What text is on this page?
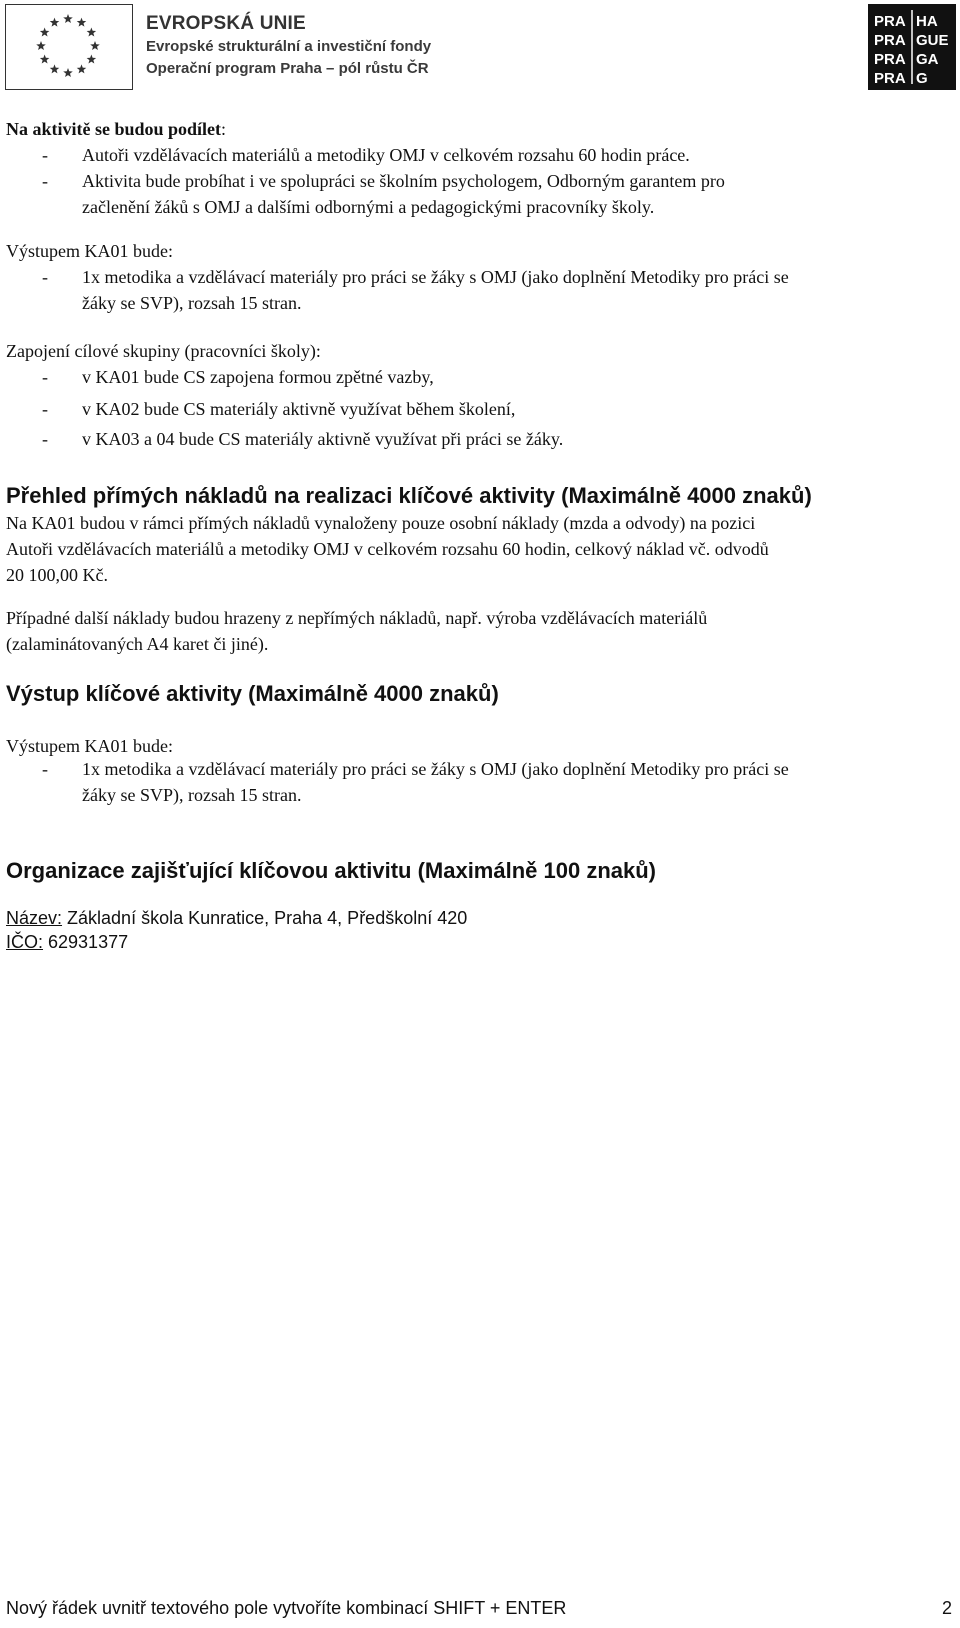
EVROPSKÁ UNIE
Evropské strukturální a investiční fondy
Operační program Praha – pól růstu ČR
PRA HA
PRA GUE
PRA GA
PRA G
Na aktivitě se budou podílet:
- Autoři vzdělávacích materiálů a metodiky OMJ v celkovém rozsahu 60 hodin práce.
- Aktivita bude probíhat i ve spolupráci se školním psychologem, Odborným garantem pro
začlenění žáků s OMJ a dalšími odbornými a pedagogickými pracovníky školy.
Výstupem KA01 bude:
- 1x metodika a vzdělávací materiály pro práci se žáky s OMJ (jako doplnění Metodiky pro práci se
žáky se SVP), rozsah 15 stran.
Zapojení cílové skupiny (pracovníci školy):
- v KA01 bude CS zapojena formou zpětné vazby,
- v KA02 bude CS materiály aktivně využívat během školení,
- v KA03 a 04 bude CS materiály aktivně využívat při práci se žáky.
Přehled přímých nákladů na realizaci klíčové aktivity (Maximálně 4000 znaků)
Na KA01 budou v rámci přímých nákladů vynaloženy pouze osobní náklady (mzda a odvody) na pozici
Autoři vzdělávacích materiálů a metodiky OMJ v celkovém rozsahu 60 hodin, celkový náklad vč. odvodů
20 100,00 Kč.
Případné další náklady budou hrazeny z nepřímých nákladů, např. výroba vzdělávacích materiálů
(zalaminátovaných A4 karet či jiné).
Výstup klíčové aktivity (Maximálně 4000 znaků)
Výstupem KA01 bude:
- 1x metodika a vzdělávací materiály pro práci se žáky s OMJ (jako doplnění Metodiky pro práci se
žáky se SVP), rozsah 15 stran.
Organizace zajišťující klíčovou aktivitu (Maximálně 100 znaků)
Název: Základní škola Kunratice, Praha 4, Předškolní 420
IČO: 62931377
Nový řádek uvnitř textového pole vytvoříte kombinací SHIFT + ENTER	2
